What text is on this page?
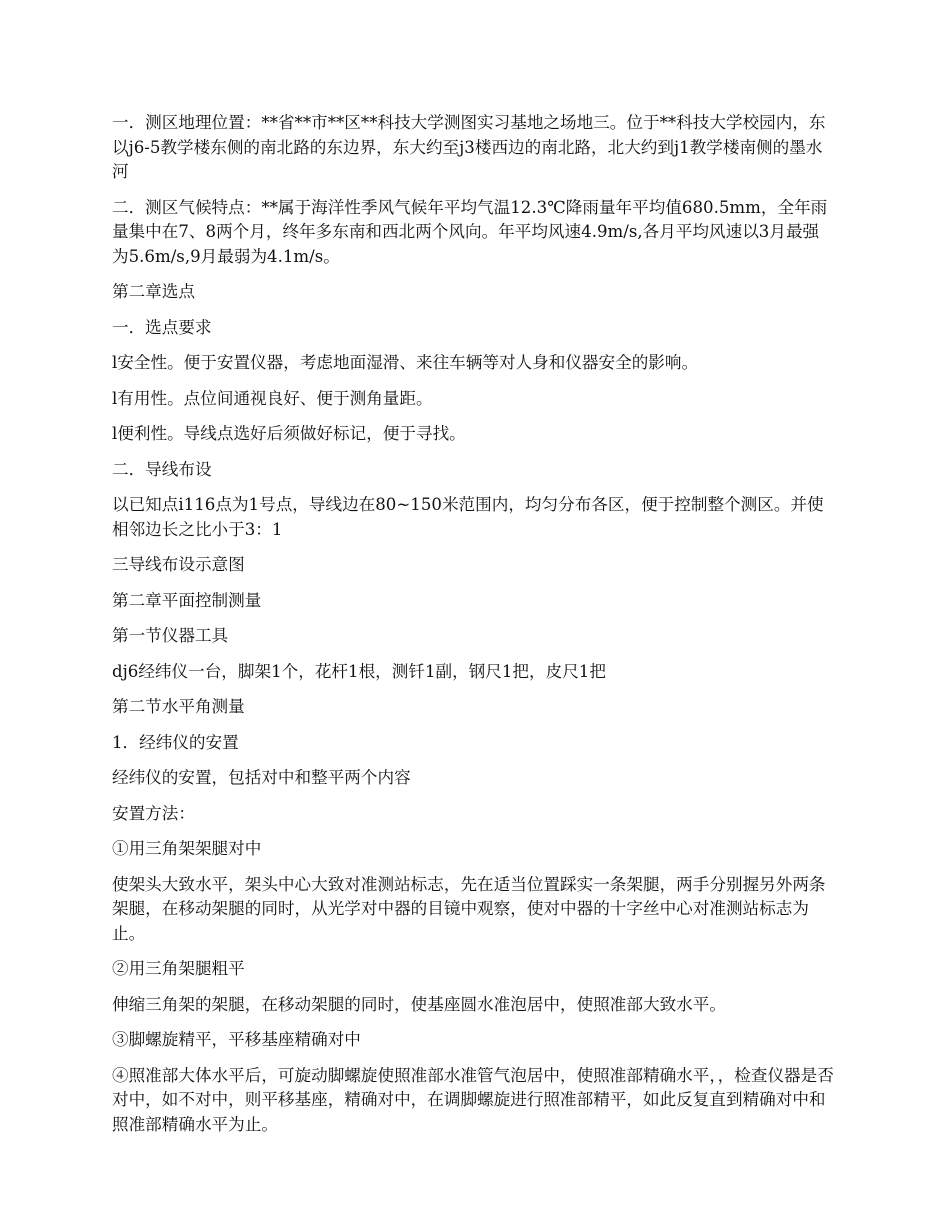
一．测区地理位置：**省**市**区**科技大学测图实习基地之场地三。位于**科技大学校园内，东以j6-5教学楼东侧的南北路的东边界，东大约至j3楼西边的南北路，北大约到j1教学楼南侧的墨水河

二．测区气候特点：**属于海洋性季风气候年平均气温12.3℃降雨量年平均值680.5mm，全年雨量集中在7、8两个月，终年多东南和西北两个风向。年平均风速4.9m/s,各月平均风速以3月最强为5.6m/s,9月最弱为4.1m/s。

第二章选点

一．选点要求

l安全性。便于安置仪器，考虑地面湿滑、来往车辆等对人身和仪器安全的影响。

l有用性。点位间通视良好、便于测角量距。

l便利性。导线点选好后须做好标记，便于寻找。

二．导线布设

以已知点i116点为1号点，导线边在80~150米范围内，均匀分布各区，便于控制整个测区。并使相邻边长之比小于3：1

三导线布设示意图

第二章平面控制测量

第一节仪器工具

dj6经纬仪一台，脚架1个，花杆1根，测钎1副，钢尺1把，皮尺1把

第二节水平角测量

1．经纬仪的安置

经纬仪的安置，包括对中和整平两个内容

安置方法：

①用三角架架腿对中

使架头大致水平，架头中心大致对准测站标志，先在适当位置踩实一条架腿，两手分别握另外两条架腿，在移动架腿的同时，从光学对中器的目镜中观察，使对中器的十字丝中心对准测站标志为止。

②用三角架腿粗平

伸缩三角架的架腿，在移动架腿的同时，使基座圆水准泡居中，使照准部大致水平。

③脚螺旋精平，平移基座精确对中

④照准部大体水平后，可旋动脚螺旋使照准部水准管气泡居中，使照准部精确水平，，检查仪器是否对中，如不对中，则平移基座，精确对中，在调脚螺旋进行照准部精平，如此反复直到精确对中和照准部精确水平为止。
